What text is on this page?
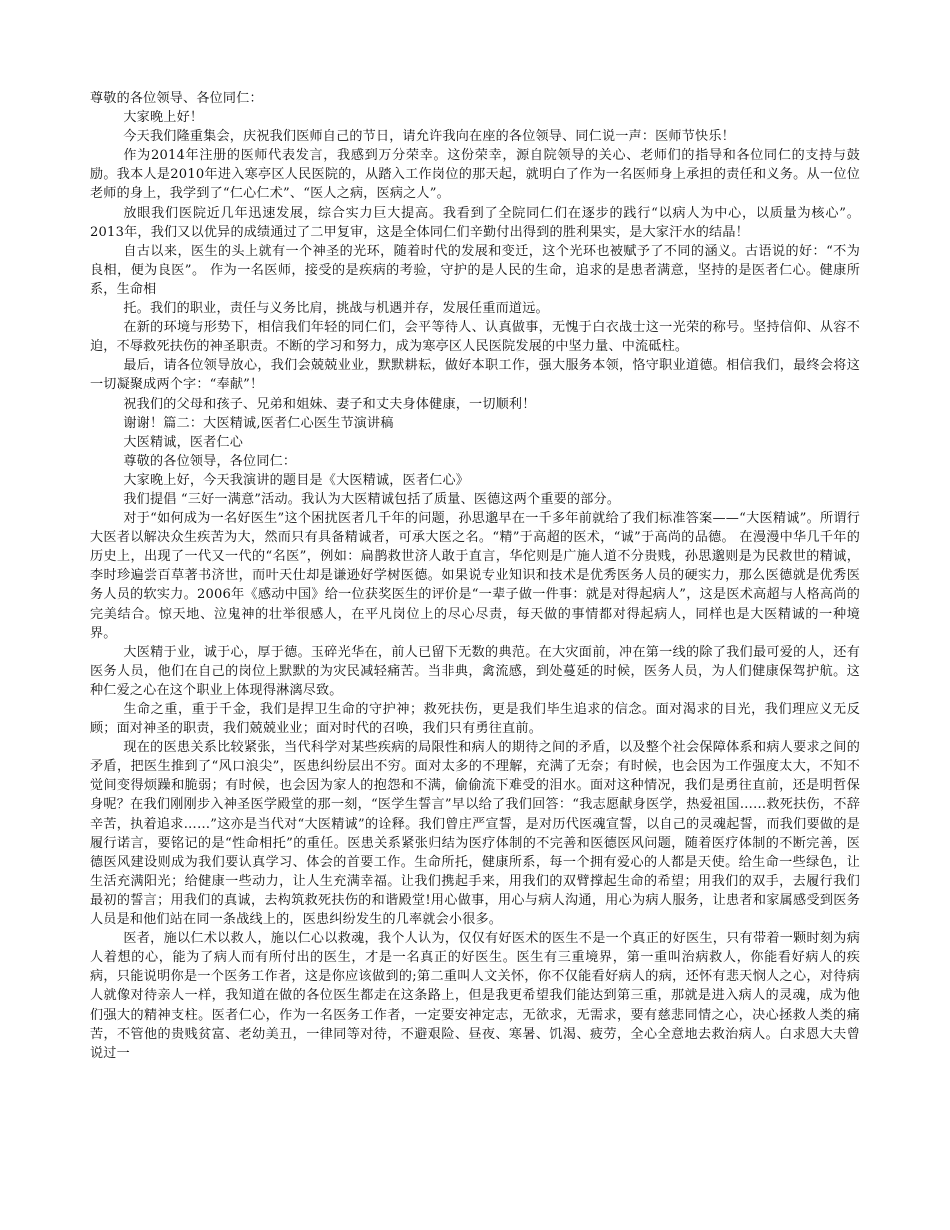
尊敬的各位领导、各位同仁：

大家晚上好！

今天我们隆重集会，庆祝我们医师自己的节日，请允许我向在座的各位领导、同仁说一声：医师节快乐！

作为2014年注册的医师代表发言，我感到万分荣幸。这份荣幸，源自院领导的关心、老师们的指导和各位同仁的支持与鼓励。我本人是2010年进入寒亭区人民医院的，从踏入工作岗位的那天起，就明白了作为一名医师身上承担的责任和义务。从一位位老师的身上，我学到了“仁心仁术”、“医人之病，医病之人”。

放眼我们医院近几年迅速发展，综合实力巨大提高。我看到了全院同仁们在逐步的践行“以病人为中心，以质量为核心”。2013年，我们又以优异的成绩通过了二甲复审，这是全体同仁们辛勤付出得到的胜利果实，是大家汗水的结晶！

自古以来，医生的头上就有一个神圣的光环，随着时代的发展和变迁，这个光环也被赋予了不同的涵义。古语说的好：“不为良相，便为良医”。 作为一名医师，接受的是疾病的考验，守护的是人民的生命，追求的是患者满意，坚持的是医者仁心。健康所系，生命相

托。我们的职业，责任与义务比肩，挑战与机遇并存，发展任重而道远。

在新的环境与形势下，相信我们年轻的同仁们，会平等待人、认真做事，无愧于白衣战士这一光荣的称号。坚持信仰、从容不迫，不辱救死扶伤的神圣职责。不断的学习和努力，成为寒亭区人民医院发展的中坚力量、中流砥柱。

最后，请各位领导放心，我们会兢兢业业，默默耕耘，做好本职工作，强大服务本领，恪守职业道德。相信我们，最终会将这一切凝聚成两个字：“奉献”！

祝我们的父母和孩子、兄弟和姐妹、妻子和丈夫身体健康，一切顺利！

谢谢！篇二：大医精诚,医者仁心医生节演讲稿

大医精诚，医者仁心

尊敬的各位领导，各位同仁：

大家晚上好，今天我演讲的题目是《大医精诚，医者仁心》

我们提倡 “三好一满意”活动。我认为大医精诚包括了质量、医德这两个重要的部分。

对于“如何成为一名好医生”这个困扰医者几千年的问题，孙思邈早在一千多年前就给了我们标准答案——“大医精诚”。所谓行大医者以解决众生疾苦为大，然而只有具备精诚者，可承大医之名。“精”于高超的医术，“诚”于高尚的品德。 在漫漫中华几千年的历史上，出现了一代又一代的“名医”，例如：扁鹊救世济人敢于直言，华佗则是广施人道不分贵贱，孙思邈则是为民救世的精诚，李时珍遍尝百草著书济世，而叶天仕却是谦逊好学树医德。如果说专业知识和技术是优秀医务人员的硬实力，那么医德就是优秀医务人员的软实力。2006年《感动中国》给一位获奖医生的评价是“一辈子做一件事：就是对得起病人”，这是医术高超与人格高尚的完美结合。惊天地、泣鬼神的壮举很感人，在平凡岗位上的尽心尽责，每天做的事情都对得起病人，同样也是大医精诚的一种境界。

大医精于业，诚于心，厚于德。玉碎光华在，前人已留下无数的典范。在大灾面前，冲在第一线的除了我们最可爱的人，还有医务人员，他们在自己的岗位上默默的为灾民减轻痛苦。当非典，禽流感，到处蔓延的时候，医务人员，为人们健康保驾护航。这种仁爱之心在这个职业上体现得淋漓尽致。

生命之重，重于千金，我们是捍卫生命的守护神；救死扶伤，更是我们毕生追求的信念。面对渴求的目光，我们理应义无反顾；面对神圣的职责，我们兢兢业业；面对时代的召唤，我们只有勇往直前。

现在的医患关系比较紧张，当代科学对某些疾病的局限性和病人的期待之间的矛盾，以及整个社会保障体系和病人要求之间的矛盾，把医生推到了“风口浪尖”，医患纠纷层出不穷。面对太多的不理解，充满了无奈；有时候，也会因为工作强度太大，不知不觉间变得烦躁和脆弱；有时候，也会因为家人的抱怨和不满，偷偷流下难受的泪水。面对这种情况，我们是勇往直前，还是明哲保身呢？在我们刚刚步入神圣医学殿堂的那一刻，“医学生誓言”早以给了我们回答：“我志愿献身医学，热爱祖国……救死扶伤，不辞辛苦，执着追求……”这亦是当代对“大医精诚”的诠释。我们曾庄严宣誓，是对历代医魂宣誓，以自己的灵魂起誓，而我们要做的是履行诺言，要铭记的是“性命相托”的重任。医患关系紧张归结为医疗体制的不完善和医德医风问题，随着医疗体制的不断完善，医德医风建设则成为我们要认真学习、体会的首要工作。生命所托，健康所系，每一个拥有爱心的人都是天使。给生命一些绿色，让生活充满阳光；给健康一些动力，让人生充满幸福。让我们携起手来，用我们的双臂撑起生命的希望；用我们的双手，去履行我们最初的誓言；用我们的真诚，去构筑救死扶伤的和谐殿堂!用心做事，用心与病人沟通，用心为病人服务，让患者和家属感受到医务人员是和他们站在同一条战线上的，医患纠纷发生的几率就会小很多。

医者，施以仁术以救人，施以仁心以救魂，我个人认为，仅仅有好医术的医生不是一个真正的好医生，只有带着一颗时刻为病人着想的心，能为了病人而有所付出的医生，才是一名真正的好医生。医生有三重境界，第一重叫治病救人，你能看好病人的疾病，只能说明你是一个医务工作者，这是你应该做到的;第二重叫人文关怀，你不仅能看好病人的病，还怀有悲天悯人之心，对待病人就像对待亲人一样，我知道在做的各位医生都走在这条路上，但是我更希望我们能达到第三重，那就是进入病人的灵魂，成为他们强大的精神支柱。医者仁心，作为一名医务工作者，一定要安神定志，无欲求，无需求，要有慈悲同情之心，决心拯救人类的痛苦，不管他的贵贱贫富、老幼美丑，一律同等对待，不避艰险、昼夜、寒暑、饥渴、疲劳，全心全意地去救治病人。白求恩大夫曾说过一
